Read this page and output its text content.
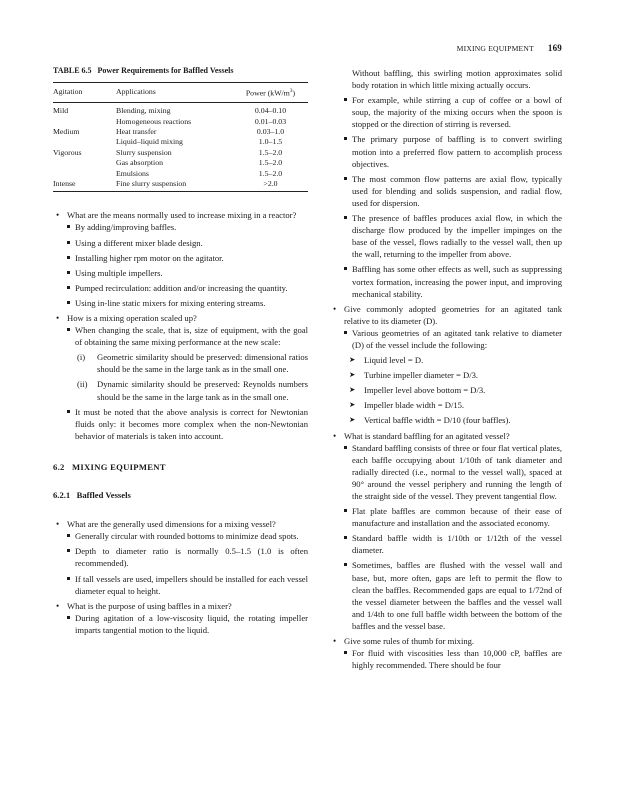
MIXING EQUIPMENT 169
TABLE 6.5 Power Requirements for Baffled Vessels
Agitation	Applications	Power $(kW/m^3)$
Mild	Blending, mixing	0.04–0.10
	Homogeneous reactions	0.01–0.03
Medium	Heat transfer	0.03–1.0
	Liquid–liquid mixing	1.0–1.5
Vigorous	Slurry suspension	1.5–2.0
	Gas absorption	1.5–2.0
	Emulsions	1.5–2.0
Intense	Fine slurry suspension	>2.0
• What are the means normally used to increase mixing in a reactor?
By adding/improving baffles.
Using a different mixer blade design.
Installing higher rpm motor on the agitator.
Using multiple impellers.
Pumped recirculation: addition and/or increasing the quantity.
Using in-line static mixers for mixing entering streams.
• How is a mixing operation scaled up?
When changing the scale, that is, size of equipment, with the goal of obtaining the same mixing performance at the new scale:
(i) Geometric similarity should be preserved: dimensional ratios should be the same in the large tank as in the small one.
(ii) Dynamic similarity should be preserved: Reynolds numbers should be the same in the large tank as in the small one.
It must be noted that the above analysis is correct for Newtonian fluids only: it becomes more complex when the non-Newtonian behavior of materials is taken into account.
6.2   MIXING EQUIPMENT
6.2.1   Baffled Vessels
• What are the generally used dimensions for a mixing vessel?
Generally circular with rounded bottoms to minimize dead spots.
Depth to diameter ratio is normally 0.5–1.5 (1.0 is often recommended).
If tall vessels are used, impellers should be installed for each vessel diameter equal to height.
• What is the purpose of using baffles in a mixer?
During agitation of a low-viscosity liquid, the rotating impeller imparts tangential motion to the liquid.
Without baffling, this swirling motion approximates solid body rotation in which little mixing actually occurs.
For example, while stirring a cup of coffee or a bowl of soup, the majority of the mixing occurs when the spoon is stopped or the direction of stirring is reversed.
The primary purpose of baffling is to convert swirling motion into a preferred flow pattern to accomplish process objectives.
The most common flow patterns are axial flow, typically used for blending and solids suspension, and radial flow, used for dispersion.
The presence of baffles produces axial flow, in which the discharge flow produced by the impeller impinges on the base of the vessel, flows radially to the vessel wall, then up the wall, returning to the impeller from above.
Baffling has some other effects as well, such as suppressing vortex formation, increasing the power input, and improving mechanical stability.
• Give commonly adopted geometries for an agitated tank relative to its diameter (D).
Various geometries of an agitated tank relative to diameter (D) of the vessel include the following:
➤ Liquid level = D.
➤ Turbine impeller diameter = D/3.
➤ Impeller level above bottom = D/3.
➤ Impeller blade width = D/15.
➤ Vertical baffle width = D/10 (four baffles).
• What is standard baffling for an agitated vessel?
Standard baffling consists of three or four flat vertical plates, each baffle occupying about 1/10th of tank diameter and radially directed (i.e., normal to the vessel wall), spaced at 90° around the vessel periphery and running the length of the straight side of the vessel. They prevent tangential flow.
Flat plate baffles are common because of their ease of manufacture and installation and the associated economy.
Standard baffle width is 1/10th or 1/12th of the vessel diameter.
Sometimes, baffles are flushed with the vessel wall and base, but, more often, gaps are left to permit the flow to clean the baffles. Recommended gaps are equal to 1/72nd of the vessel diameter between the baffles and the vessel wall and 1/4th to one full baffle width between the bottom of the baffles and the vessel base.
• Give some rules of thumb for mixing.
For fluid with viscosities less than 10,000 cP, baffles are highly recommended. There should be four
